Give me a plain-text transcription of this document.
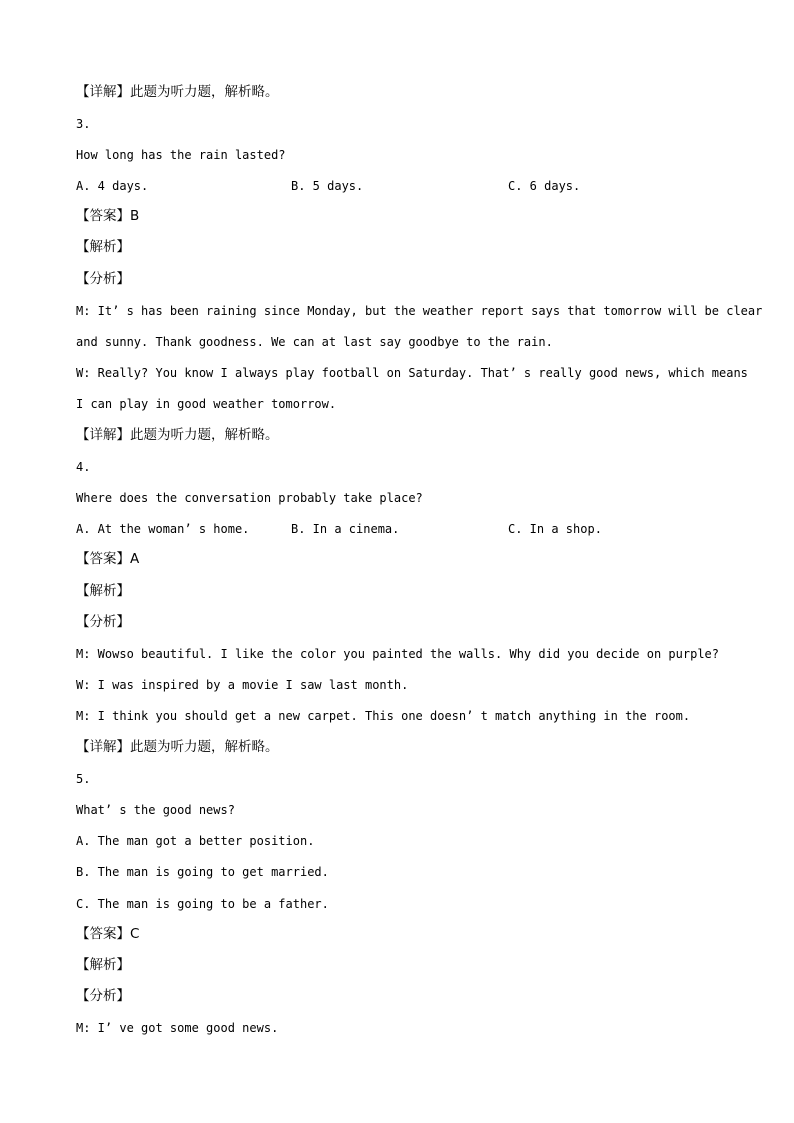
【详解】此题为听力题，解析略。
3.
How long has the rain lasted?
A. 4 days.	B. 5 days.	C. 6 days.
【答案】B
【解析】
【分析】
M: It’ s has been raining since Monday, but the weather report says that tomorrow will be clear
and sunny. Thank goodness. We can at last say goodbye to the rain.
W: Really? You know I always play football on Saturday. That’ s really good news, which means
I can play in good weather tomorrow.
【详解】此题为听力题，解析略。
4.
Where does the conversation probably take place?
A. At the woman’ s home.	B. In a cinema.	C. In a shop.
【答案】A
【解析】
【分析】
M: Wowso beautiful. I like the color you painted the walls. Why did you decide on purple?
W: I was inspired by a movie I saw last month.
M: I think you should get a new carpet. This one doesn’ t match anything in the room.
【详解】此题为听力题，解析略。
5.
What’ s the good news?
A. The man got a better position.
B. The man is going to get married.
C. The man is going to be a father.
【答案】C
【解析】
【分析】
M: I’ ve got some good news.
